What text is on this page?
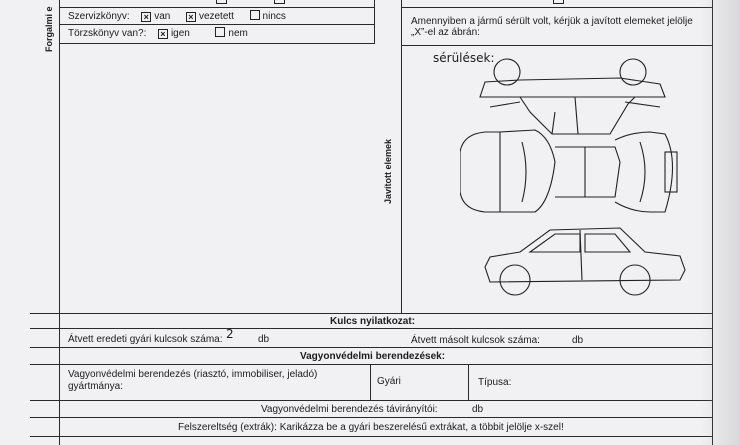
Forgalmi e Szervizkönyv: × van × vezetett	nincs
Törzskönyv van?: × igen	nem
Amennyiben a jármű sérült volt, kérjük a javított elemeket jelölje
„X”-el az ábrán:
sérülések:
Javított elemek
Kulcs nyilatkozat:
Átvett eredeti gyári kulcsok száma: 2 db	Átvett másolt kulcsok száma:	db
Vagyonvédelmi berendezések:
Vagyonvédelmi berendezés (riasztó, immobiliser, jeladó)
gyártmánya:	Gyári	Típusa:
Vagyonvédelmi berendezés távirányítói:	db
Felszereltség (extrák): Karikázza be a gyári beszerelésű extrákat, a többit jelölje x-szel!
